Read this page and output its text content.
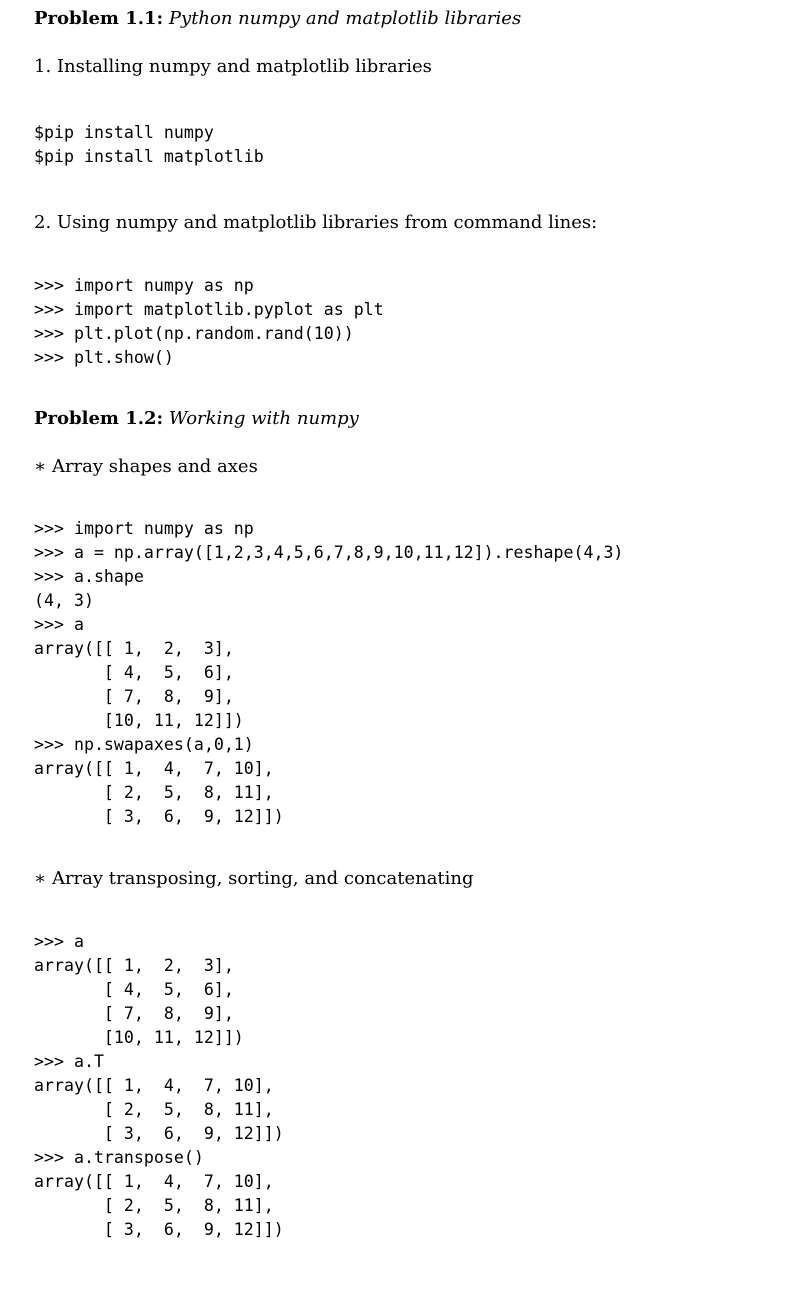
Problem 1.1: Python numpy and matplotlib libraries
1. Installing numpy and matplotlib libraries
$pip install numpy
$pip install matplotlib
2. Using numpy and matplotlib libraries from command lines:
>>> import numpy as np
>>> import matplotlib.pyplot as plt
>>> plt.plot(np.random.rand(10))
>>> plt.show()
Problem 1.2: Working with numpy
∗ Array shapes and axes
>>> import numpy as np
>>> a = np.array([1,2,3,4,5,6,7,8,9,10,11,12]).reshape(4,3)
>>> a.shape
(4, 3)
>>> a
array([[ 1,  2,  3],
[ 4,  5,  6],
[ 7,  8,  9],
[10, 11, 12]])
>>> np.swapaxes(a,0,1)
array([[ 1,  4,  7, 10],
[ 2,  5,  8, 11],
[ 3,  6,  9, 12]])
∗ Array transposing, sorting, and concatenating
>>> a
array([[ 1,  2,  3],
[ 4,  5,  6],
[ 7,  8,  9],
[10, 11, 12]])
>>> a.T
array([[ 1,  4,  7, 10],
[ 2,  5,  8, 11],
[ 3,  6,  9, 12]])
>>> a.transpose()
array([[ 1,  4,  7, 10],
[ 2,  5,  8, 11],
[ 3,  6,  9, 12]])
